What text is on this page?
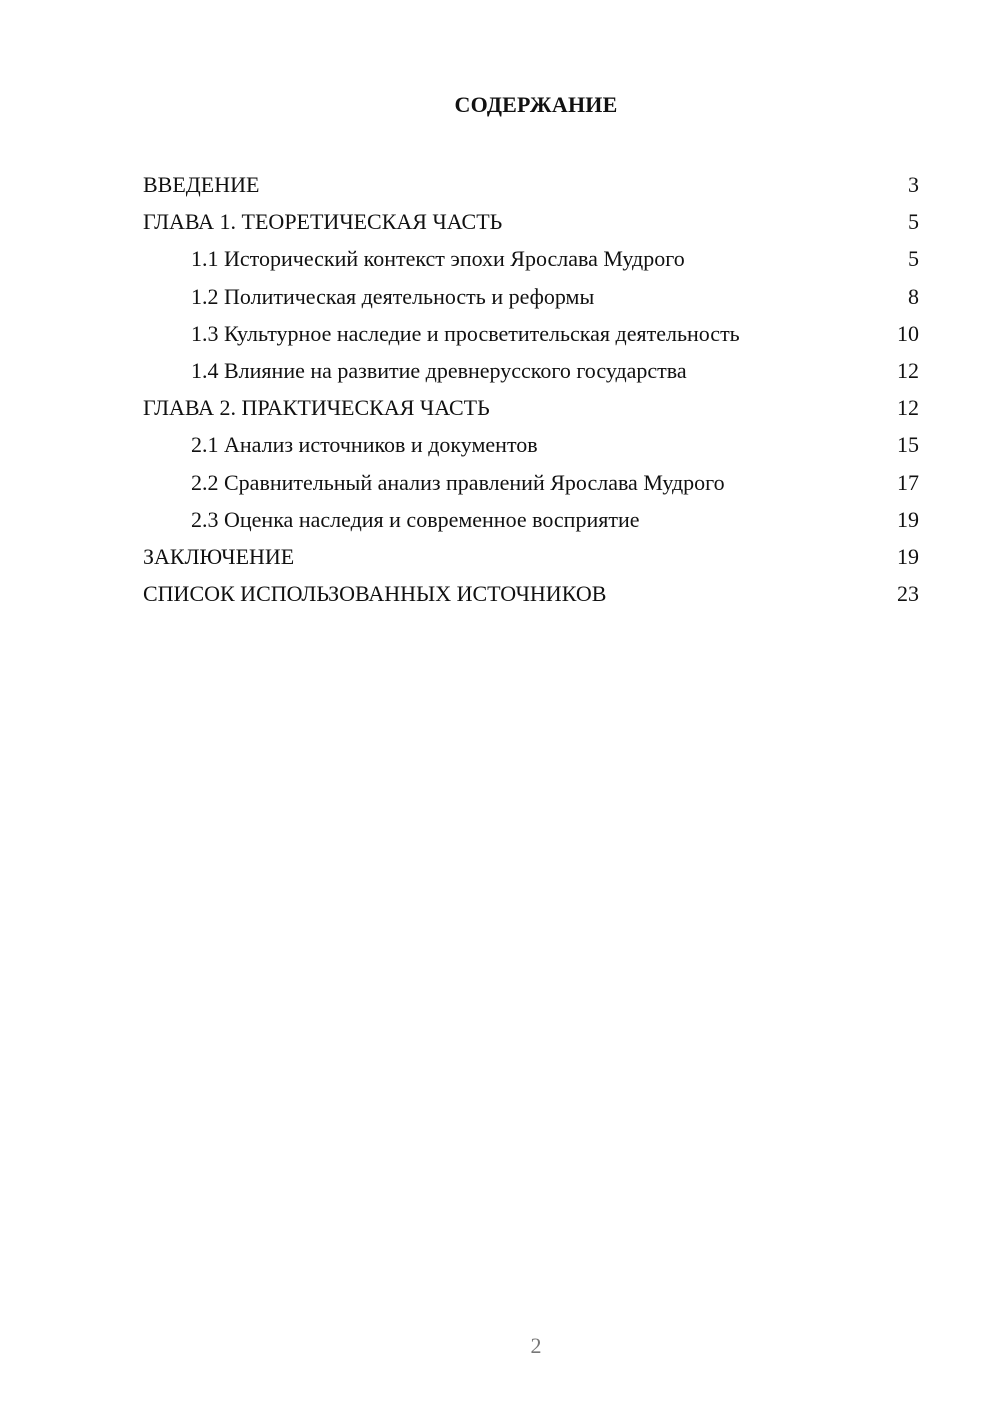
СОДЕРЖАНИЕ
ВВЕДЕНИЕ	3
ГЛАВА 1. ТЕОРЕТИЧЕСКАЯ ЧАСТЬ	5
1.1 Исторический контекст эпохи Ярослава Мудрого	5
1.2 Политическая деятельность и реформы	8
1.3 Культурное наследие и просветительская деятельность	10
1.4 Влияние на развитие древнерусского государства	12
ГЛАВА 2. ПРАКТИЧЕСКАЯ ЧАСТЬ	12
2.1 Анализ источников и документов	15
2.2 Сравнительный анализ правлений Ярослава Мудрого	17
2.3 Оценка наследия и современное восприятие	19
ЗАКЛЮЧЕНИЕ	19
СПИСОК ИСПОЛЬЗОВАННЫХ ИСТОЧНИКОВ	23
2
